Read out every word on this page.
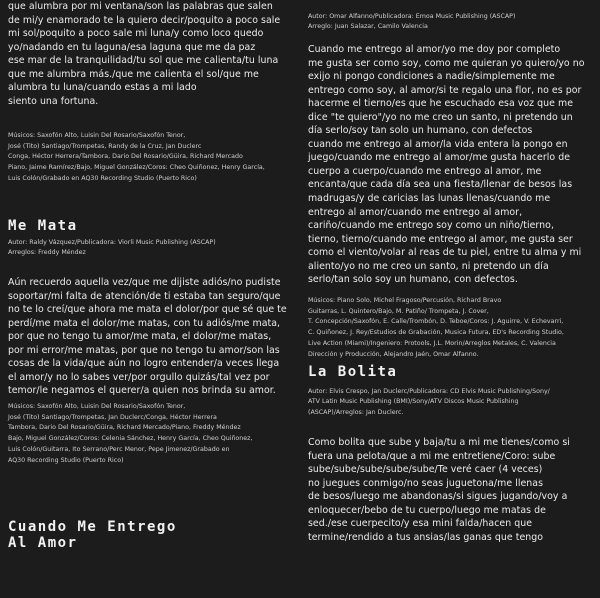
que alumbra por mi ventana/son las palabras que salen
de mi/y enamorado te la quiero decir/poquito a poco sale
mi sol/poquito a poco sale mi luna/y como loco quedo
yo/nadando en tu laguna/esa laguna que me da paz
ese mar de la tranquilidad/tu sol que me calienta/tu luna
que me alumbra más./que me calienta el sol/que me
alumbra tu luna/cuando estas a mi lado
siento una fortuna.
Músicos: Saxofón Alto, Luisin Del Rosario/Saxofón Tenor,
José (Tito) Santiago/Trompetas, Randy de la Cruz, Jan Duclerc
Conga, Héctor Herrera/Tambora, Dario Del Rosario/Güira, Richard Mercado
Piano, Jaime Ramírez/Bajo, Miguel González/Coros: Cheo Quiñonez, Henry García,
Luis Colón/Grabado en AQ30 Recording Studio (Puerto Rico)
Me Mata
Autor: Raldy Vázquez/Publicadora: Viorli Music Publishing (ASCAP)
Arreglos: Freddy Méndez
Aún recuerdo aquella vez/que me dijiste adiós/no pudiste
soportar/mi falta de atención/de ti estaba tan seguro/que
no te lo creí/que ahora me mata el dolor/por que sé que te
perdí/me mata el dolor/me matas, con tu adiós/me mata,
por que no tengo tu amor/me mata, el dolor/me matas,
por mi error/me matas, por que no tengo tu amor/son las
cosas de la vida/que aún no logro entender/a veces llega
el amor/y no lo sabes ver/por orgullo quizás/tal vez por
temor/le negamos el querer/a quien nos brinda su amor.
Músicos: Saxofón Alto, Luisin Del Rosario/Saxofón Tenor,
José (Tito) Santiago/Trompetas, Jan Duclerc/Conga, Héctor Herrera
Tambora, Dario Del Rosario/Güira, Richard Mercado/Piano, Freddy Méndez
Bajo, Miguel González/Coros: Celenia Sánchez, Henry García, Cheo Quiñonez,
Luis Colón/Guitarra, Ito Serrano/Perc Menor, Pepe Jimenez/Grabado en
AQ30 Recording Studio (Puerto Rico)
Cuando Me Entrego
Al Amor
Autor: Omar Alfanno/Publicadora: Emoa Music Publishing (ASCAP)
Arreglo: Juan Salazar, Camilo Valencia
Cuando me entrego al amor/yo me doy por completo
me gusta ser como soy, como me quieran yo quiero/yo no
exijo ni pongo condiciones a nadie/simplemente me
entrego como soy, al amor/si te regalo una flor, no es por
hacerme el tierno/es que he escuchado esa voz que me
dice "te quiero"/yo no me creo un santo, ni pretendo un
día serlo/soy tan solo un humano, con defectos
cuando me entrego al amor/la vida entera la pongo en
juego/cuando me entrego al amor/me gusta hacerlo de
cuerpo a cuerpo/cuando me entrego al amor, me
encanta/que cada día sea una fiesta/llenar de besos las
madrugas/y de caricias las lunas llenas/cuando me
entrego al amor/cuando me entrego al amor,
cariño/cuando me entrego soy como un niño/tierno,
tierno, tierno/cuando me entrego al amor, me gusta ser
como el viento/volar al reas de tu piel, entre tu alma y mi
aliento/yo no me creo un santo, ni pretendo un día
serlo/tan solo soy un humano, con defectos.
Músicos: Piano Solo, Michel Fragoso/Percusión, Richard Bravo
Guitarras, L. Quintero/Bajo, M. Patiño/ Trompeta, J. Cover,
T. Concepción/Saxofón, E. Calle/Trombón, D. Teboe/Coros: J. Aguirre, V. Echevarri,
C. Quiñonez, J. Rey/Estudios de Grabación, Musica Futura, ED's Recording Studio,
Live Action (Miami)/Ingeniero: Protools, J.L. Morin/Arreglos Metales, C. Valencia
Dirección y Producción, Alejandro Jaén, Omar Alfanno.
La Bolita
Autor: Elvis Crespo, Jan Duclerc/Publicadora: CD Elvis Music Publishing/Sony/
ATV Latin Music Publishing (BMI)/Sony/ATV Discos Music Publishing
(ASCAP)/Arreglos: Jan Duclerc.
Como bolita que sube y baja/tu a mi me tienes/como si
fuera una pelota/que a mi me entretiene/Coro: sube
sube/sube/sube/sube/sube/Te veré caer (4 veces)
no juegues conmigo/no seas juguetona/me llenas
de besos/luego me abandonas/si sigues jugando/voy a
enloquecer/bebo de tu cuerpo/luego me matas de
sed./ese cuerpecito/y esa mini falda/hacen que
termine/rendido a tus ansias/las ganas que tengo
